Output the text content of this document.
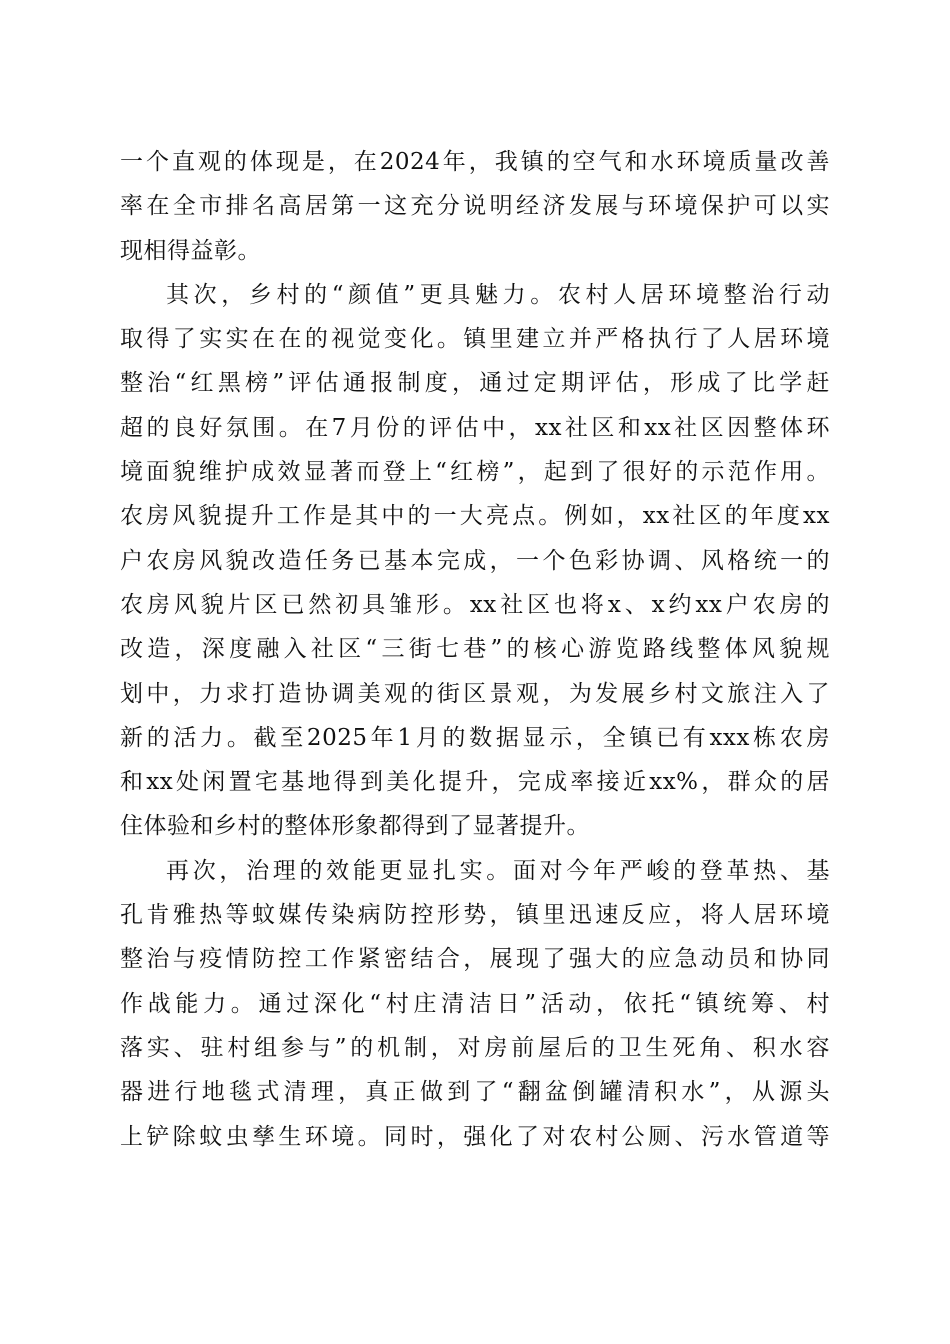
一个直观的体现是，在2024年，我镇的空气和水环境质量改善
率在全市排名高居第一这充分说明经济发展与环境保护可以实
现相得益彰。
其次，乡村的“颜值”更具魅力。农村人居环境整治行动
取得了实实在在的视觉变化。镇里建立并严格执行了人居环境
整治“红黑榜”评估通报制度，通过定期评估，形成了比学赶
超的良好氛围。在7月份的评估中，xx社区和xx社区因整体环
境面貌维护成效显著而登上“红榜”，起到了很好的示范作用。
农房风貌提升工作是其中的一大亮点。例如，xx社区的年度xx
户农房风貌改造任务已基本完成，一个色彩协调、风格统一的
农房风貌片区已然初具雏形。xx社区也将x、x约xx户农房的
改造，深度融入社区“三街七巷”的核心游览路线整体风貌规
划中，力求打造协调美观的街区景观，为发展乡村文旅注入了
新的活力。截至2025年1月的数据显示，全镇已有xxx栋农房
和xx处闲置宅基地得到美化提升，完成率接近xx%，群众的居
住体验和乡村的整体形象都得到了显著提升。
再次，治理的效能更显扎实。面对今年严峻的登革热、基
孔肯雅热等蚊媒传染病防控形势，镇里迅速反应，将人居环境
整治与疫情防控工作紧密结合，展现了强大的应急动员和协同
作战能力。通过深化“村庄清洁日”活动，依托“镇统筹、村
落实、驻村组参与”的机制，对房前屋后的卫生死角、积水容
器进行地毯式清理，真正做到了“翻盆倒罐清积水”，从源头
上铲除蚊虫孳生环境。同时，强化了对农村公厕、污水管道等
